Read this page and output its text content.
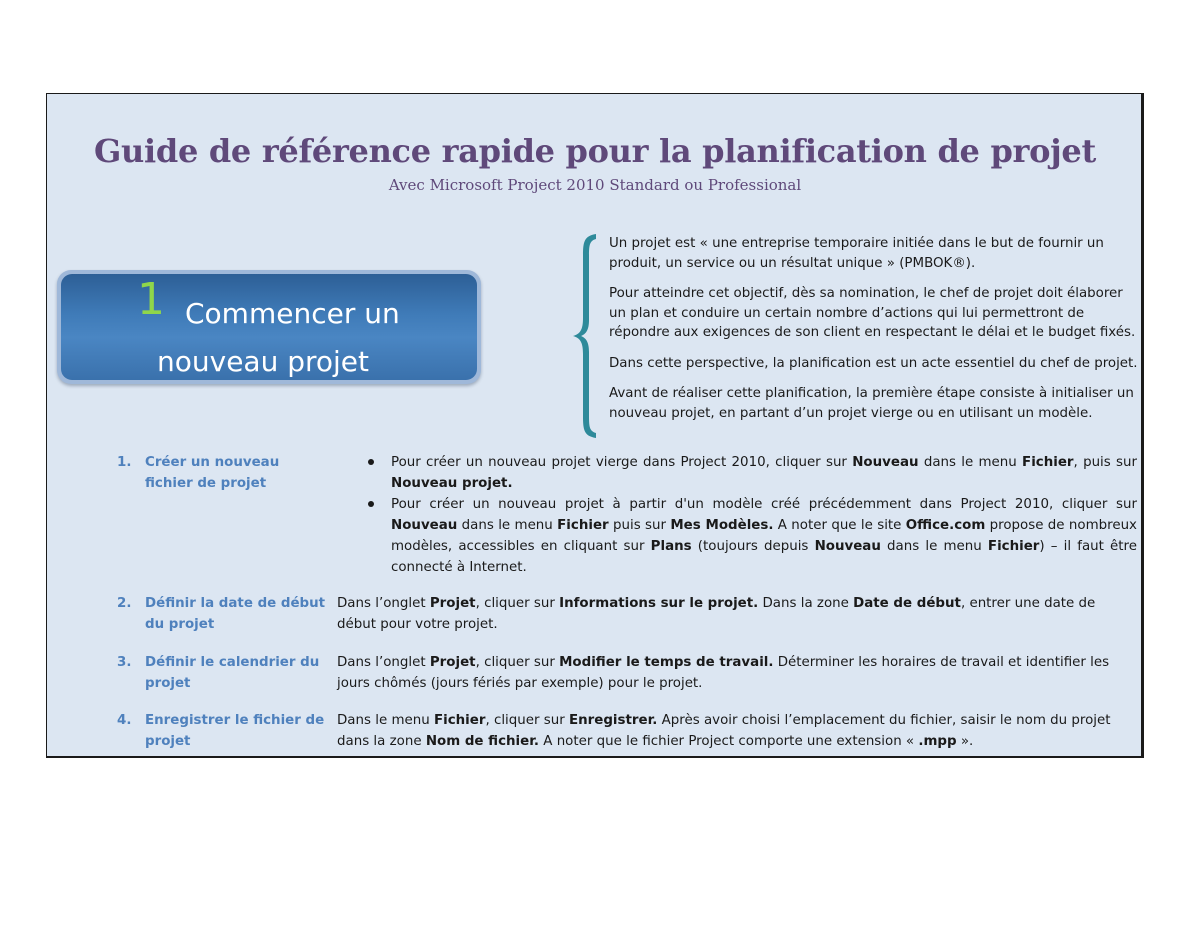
Guide de référence rapide pour la planification de projet
Avec Microsoft Project 2010 Standard ou Professional
1 Commencer un
nouveau projet

Un projet est « une entreprise temporaire initiée dans le but de fournir un produit, un service ou un résultat unique » (PMBOK®).

Pour atteindre cet objectif, dès sa nomination, le chef de projet doit élaborer un plan et conduire un certain nombre d’actions qui lui permettront de répondre aux exigences de son client en respectant le délai et le budget fixés.

Dans cette perspective, la planification est un acte essentiel du chef de projet.

Avant de réaliser cette planification, la première étape consiste à initialiser un nouveau projet, en partant d’un projet vierge ou en utilisant un modèle.

1. Créer un nouveau fichier de projet
Pour créer un nouveau projet vierge dans Project 2010, cliquer sur Nouveau dans le menu Fichier, puis sur Nouveau projet.
Pour créer un nouveau projet à partir d'un modèle créé précédemment dans Project 2010, cliquer sur Nouveau dans le menu Fichier puis sur Mes Modèles. A noter que le site Office.com propose de nombreux modèles, accessibles en cliquant sur Plans (toujours depuis Nouveau dans le menu Fichier) – il faut être connecté à Internet.
2. Définir la date de début du projet
Dans l’onglet Projet, cliquer sur Informations sur le projet. Dans la zone Date de début, entrer une date de début pour votre projet.
3. Définir le calendrier du projet
Dans l’onglet Projet, cliquer sur Modifier le temps de travail. Déterminer les horaires de travail et identifier les jours chômés (jours fériés par exemple) pour le projet.
4. Enregistrer le fichier de projet
Dans le menu Fichier, cliquer sur Enregistrer. Après avoir choisi l’emplacement du fichier, saisir le nom du projet dans la zone Nom de fichier. A noter que le fichier Project comporte une extension « .mpp ».
